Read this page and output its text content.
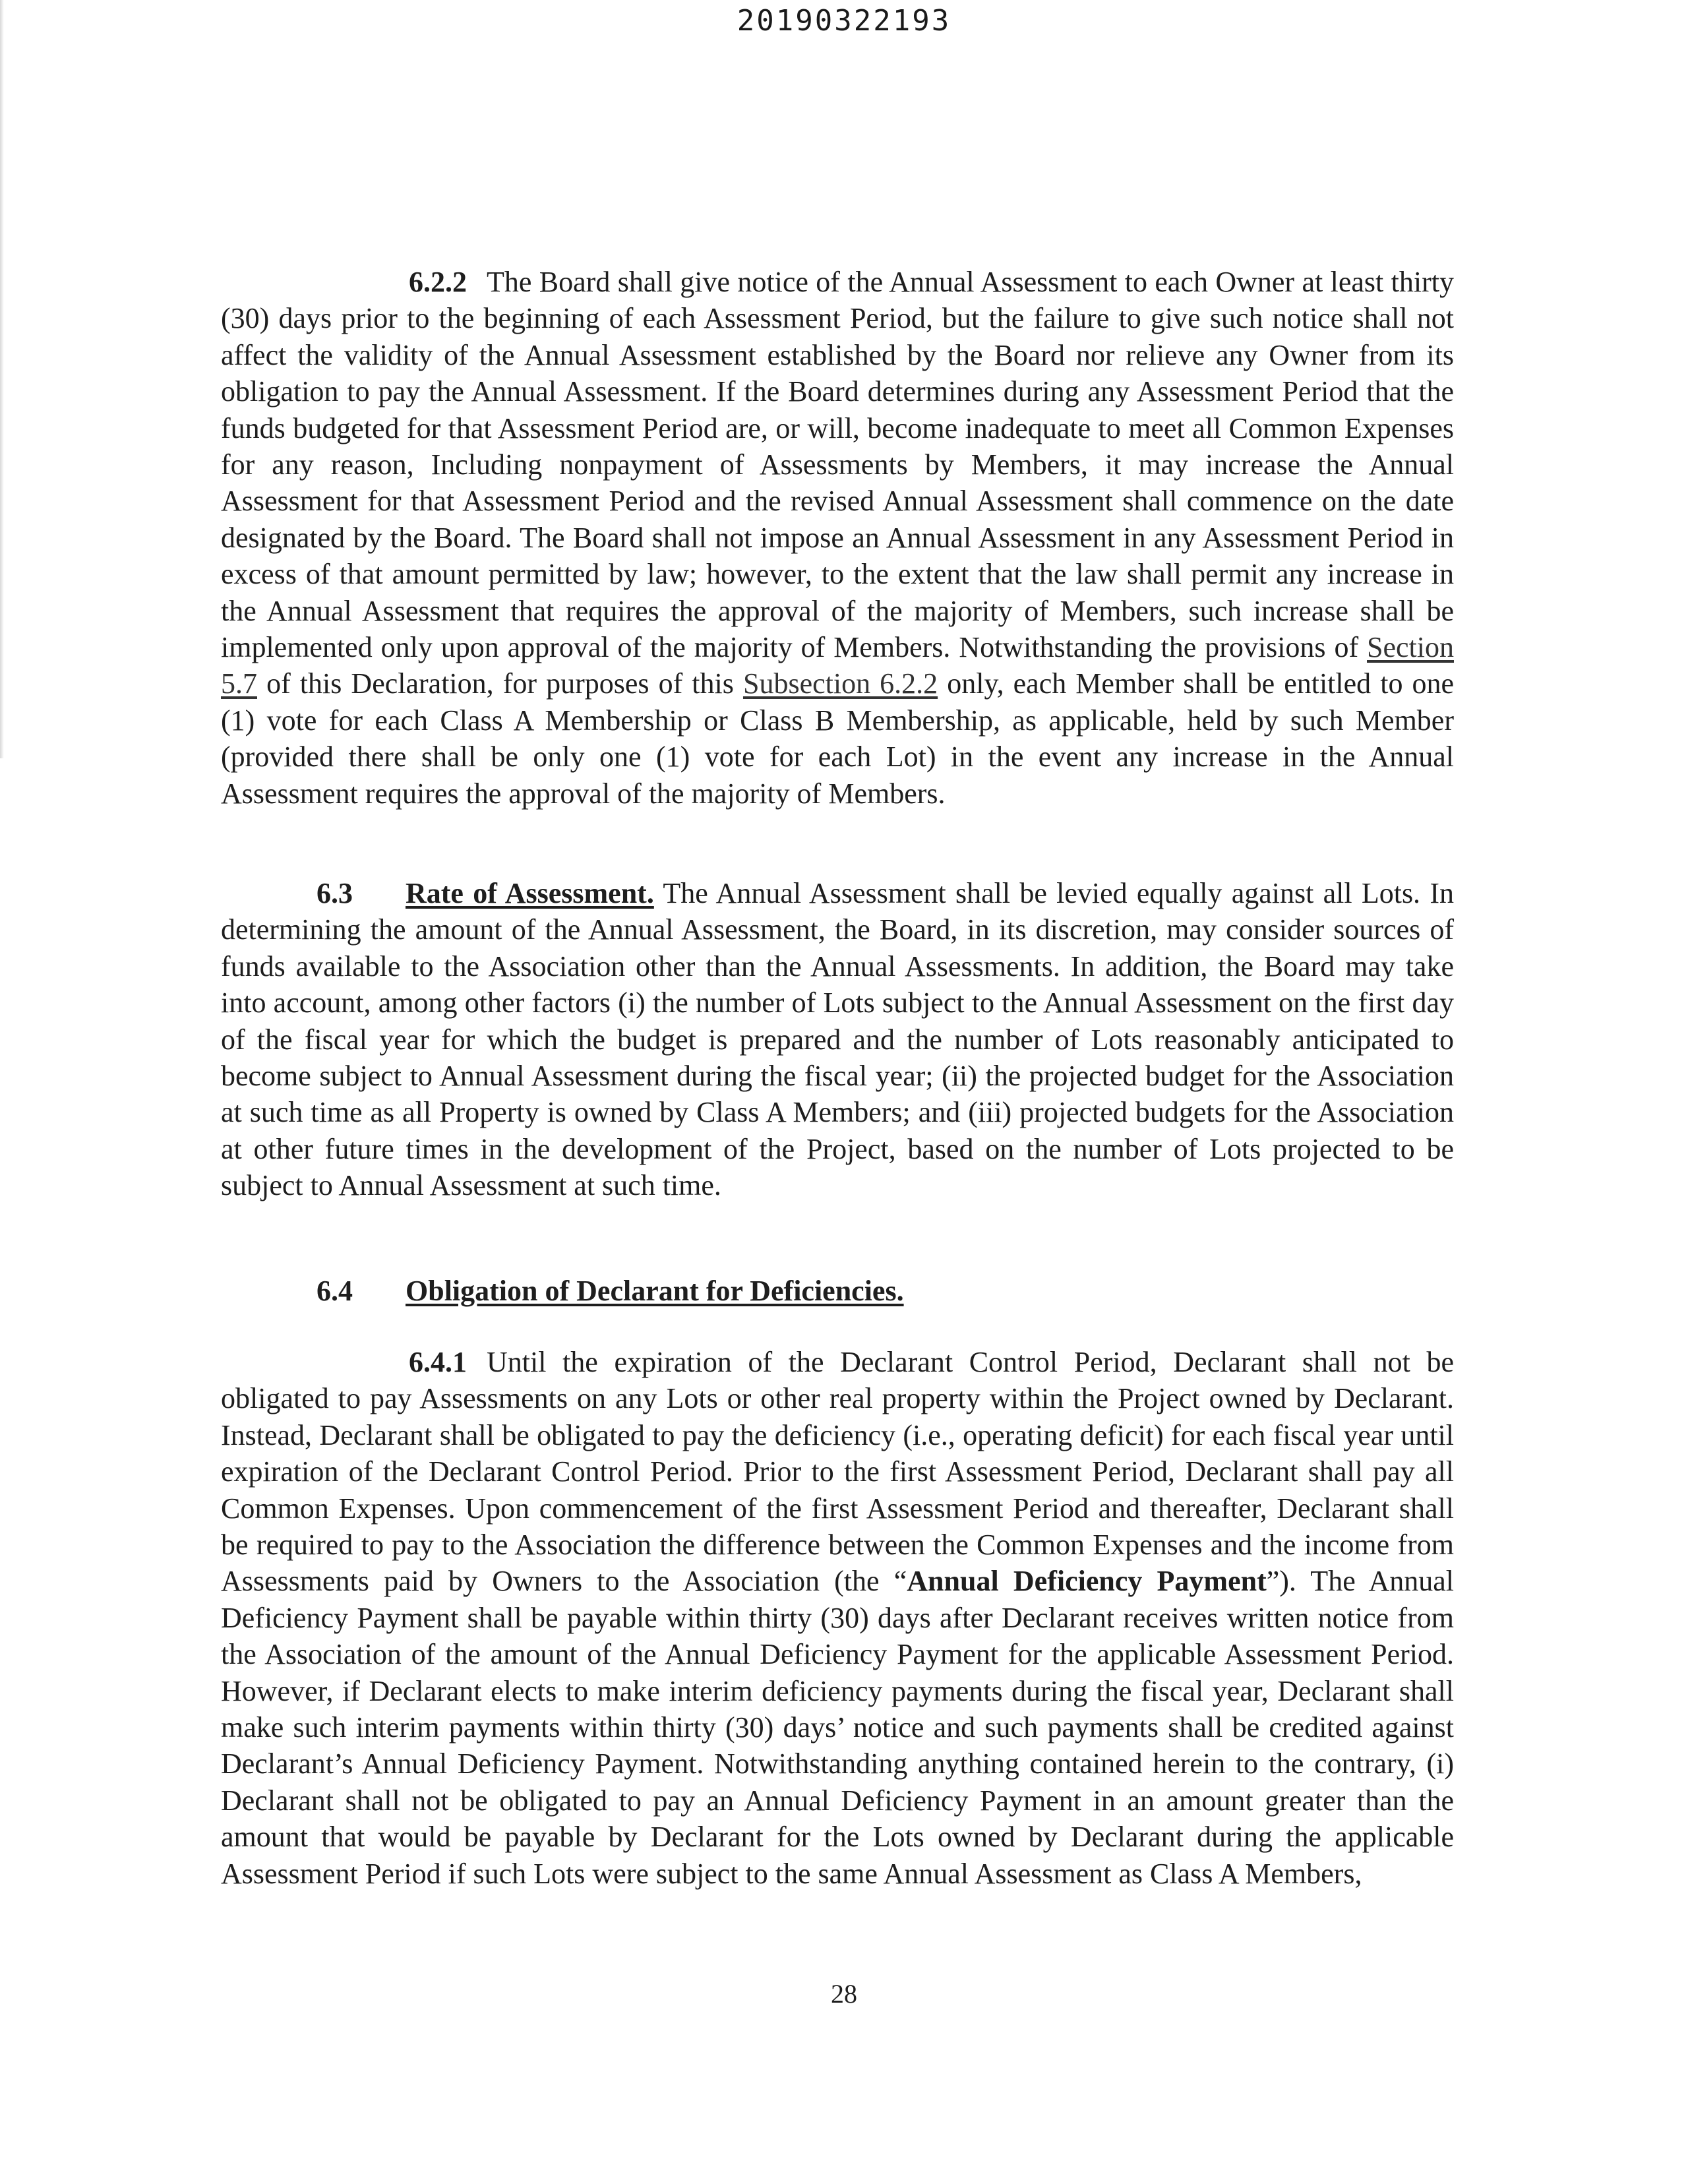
20190322193

6.2.2 The Board shall give notice of the Annual Assessment to each Owner at least thirty (30) days prior to the beginning of each Assessment Period, but the failure to give such notice shall not affect the validity of the Annual Assessment established by the Board nor relieve any Owner from its obligation to pay the Annual Assessment. If the Board determines during any Assessment Period that the funds budgeted for that Assessment Period are, or will, become inadequate to meet all Common Expenses for any reason, Including nonpayment of Assessments by Members, it may increase the Annual Assessment for that Assessment Period and the revised Annual Assessment shall commence on the date designated by the Board. The Board shall not impose an Annual Assessment in any Assessment Period in excess of that amount permitted by law; however, to the extent that the law shall permit any increase in the Annual Assessment that requires the approval of the majority of Members, such increase shall be implemented only upon approval of the majority of Members. Notwithstanding the provisions of Section 5.7 of this Declaration, for purposes of this Subsection 6.2.2 only, each Member shall be entitled to one (1) vote for each Class A Membership or Class B Membership, as applicable, held by such Member (provided there shall be only one (1) vote for each Lot) in the event any increase in the Annual Assessment requires the approval of the majority of Members.

6.3 Rate of Assessment. The Annual Assessment shall be levied equally against all Lots. In determining the amount of the Annual Assessment, the Board, in its discretion, may consider sources of funds available to the Association other than the Annual Assessments. In addition, the Board may take into account, among other factors (i) the number of Lots subject to the Annual Assessment on the first day of the fiscal year for which the budget is prepared and the number of Lots reasonably anticipated to become subject to Annual Assessment during the fiscal year; (ii) the projected budget for the Association at such time as all Property is owned by Class A Members; and (iii) projected budgets for the Association at other future times in the development of the Project, based on the number of Lots projected to be subject to Annual Assessment at such time.

6.4 Obligation of Declarant for Deficiencies.

6.4.1 Until the expiration of the Declarant Control Period, Declarant shall not be obligated to pay Assessments on any Lots or other real property within the Project owned by Declarant. Instead, Declarant shall be obligated to pay the deficiency (i.e., operating deficit) for each fiscal year until expiration of the Declarant Control Period. Prior to the first Assessment Period, Declarant shall pay all Common Expenses. Upon commencement of the first Assessment Period and thereafter, Declarant shall be required to pay to the Association the difference between the Common Expenses and the income from Assessments paid by Owners to the Association (the “Annual Deficiency Payment”). The Annual Deficiency Payment shall be payable within thirty (30) days after Declarant receives written notice from the Association of the amount of the Annual Deficiency Payment for the applicable Assessment Period. However, if Declarant elects to make interim deficiency payments during the fiscal year, Declarant shall make such interim payments within thirty (30) days’ notice and such payments shall be credited against Declarant’s Annual Deficiency Payment. Notwithstanding anything contained herein to the contrary, (i) Declarant shall not be obligated to pay an Annual Deficiency Payment in an amount greater than the amount that would be payable by Declarant for the Lots owned by Declarant during the applicable Assessment Period if such Lots were subject to the same Annual Assessment as Class A Members,

28
